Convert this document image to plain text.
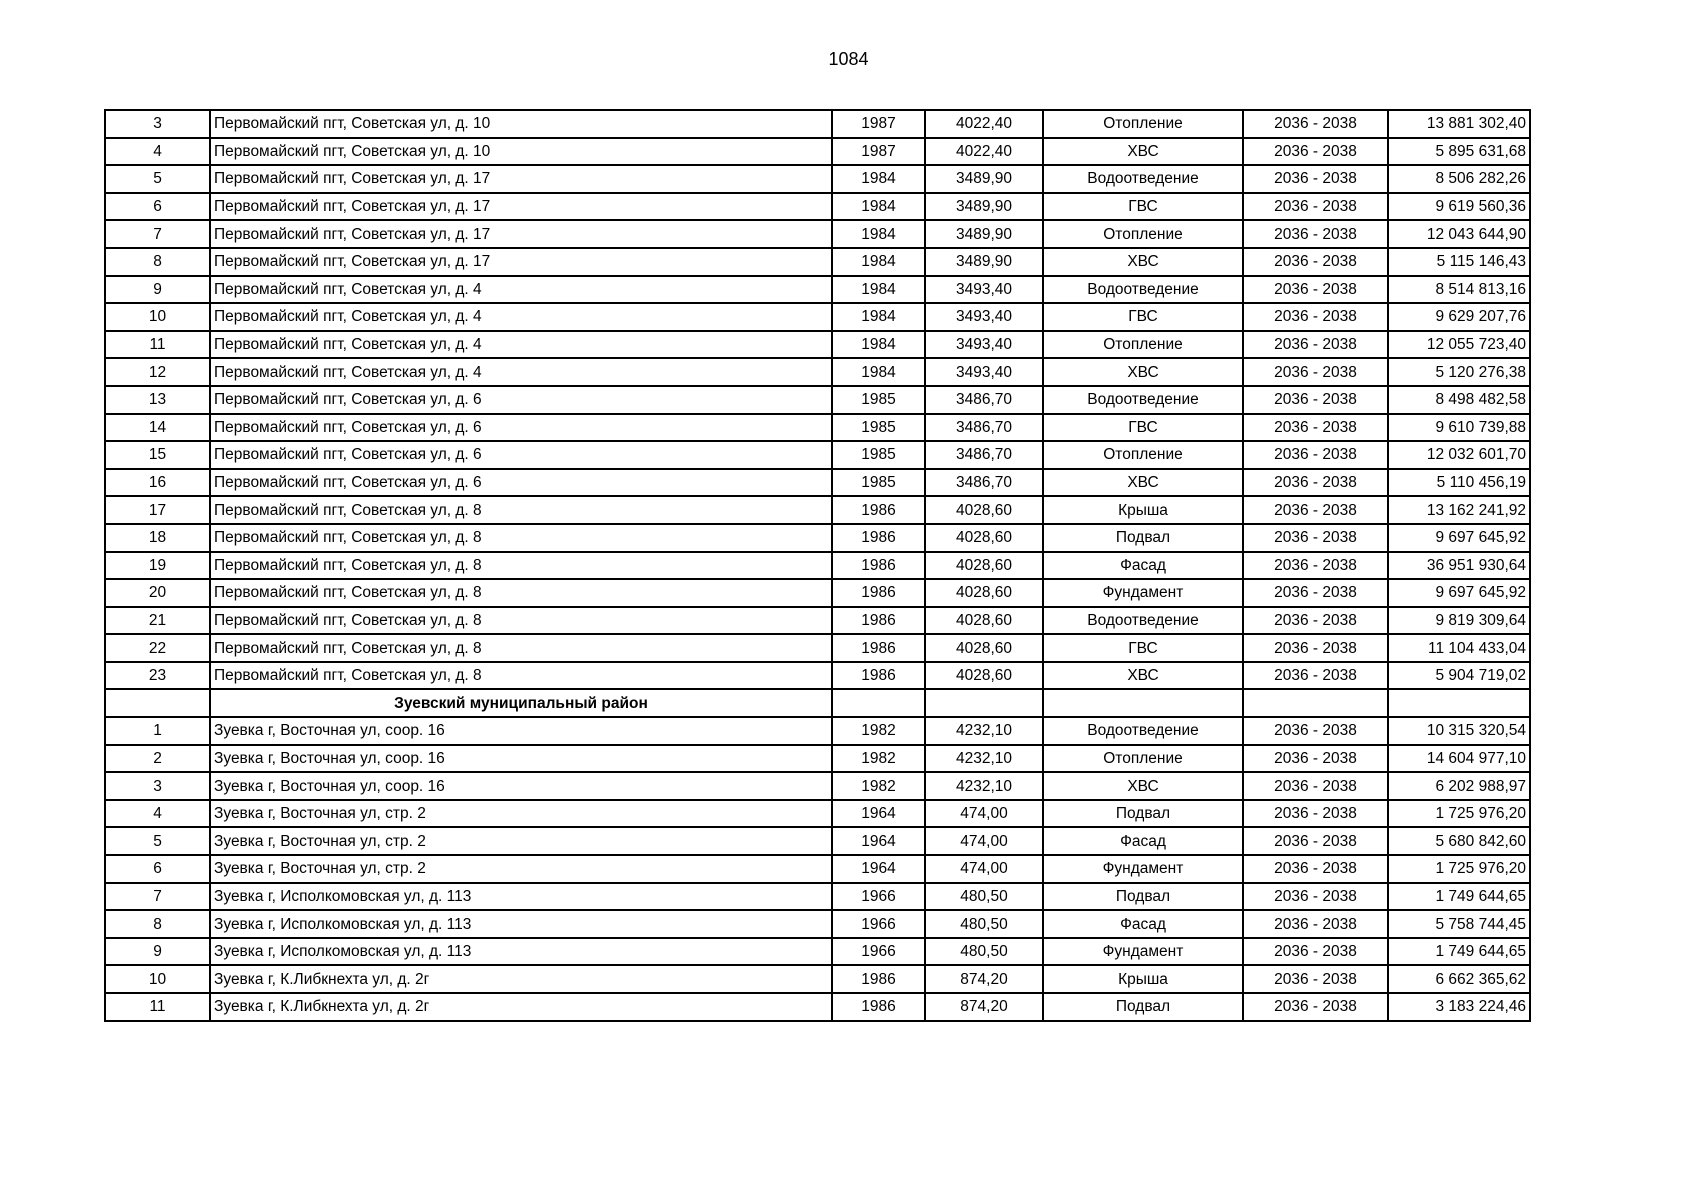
1084
3	Первомайский пгт, Советская ул, д. 10	1987	4022,40	Отопление	2036 - 2038	13 881 302,40
4	Первомайский пгт, Советская ул, д. 10	1987	4022,40	ХВС	2036 - 2038	5 895 631,68
5	Первомайский пгт, Советская ул, д. 17	1984	3489,90	Водоотведение	2036 - 2038	8 506 282,26
6	Первомайский пгт, Советская ул, д. 17	1984	3489,90	ГВС	2036 - 2038	9 619 560,36
7	Первомайский пгт, Советская ул, д. 17	1984	3489,90	Отопление	2036 - 2038	12 043 644,90
8	Первомайский пгт, Советская ул, д. 17	1984	3489,90	ХВС	2036 - 2038	5 115 146,43
9	Первомайский пгт, Советская ул, д. 4	1984	3493,40	Водоотведение	2036 - 2038	8 514 813,16
10	Первомайский пгт, Советская ул, д. 4	1984	3493,40	ГВС	2036 - 2038	9 629 207,76
11	Первомайский пгт, Советская ул, д. 4	1984	3493,40	Отопление	2036 - 2038	12 055 723,40
12	Первомайский пгт, Советская ул, д. 4	1984	3493,40	ХВС	2036 - 2038	5 120 276,38
13	Первомайский пгт, Советская ул, д. 6	1985	3486,70	Водоотведение	2036 - 2038	8 498 482,58
14	Первомайский пгт, Советская ул, д. 6	1985	3486,70	ГВС	2036 - 2038	9 610 739,88
15	Первомайский пгт, Советская ул, д. 6	1985	3486,70	Отопление	2036 - 2038	12 032 601,70
16	Первомайский пгт, Советская ул, д. 6	1985	3486,70	ХВС	2036 - 2038	5 110 456,19
17	Первомайский пгт, Советская ул, д. 8	1986	4028,60	Крыша	2036 - 2038	13 162 241,92
18	Первомайский пгт, Советская ул, д. 8	1986	4028,60	Подвал	2036 - 2038	9 697 645,92
19	Первомайский пгт, Советская ул, д. 8	1986	4028,60	Фасад	2036 - 2038	36 951 930,64
20	Первомайский пгт, Советская ул, д. 8	1986	4028,60	Фундамент	2036 - 2038	9 697 645,92
21	Первомайский пгт, Советская ул, д. 8	1986	4028,60	Водоотведение	2036 - 2038	9 819 309,64
22	Первомайский пгт, Советская ул, д. 8	1986	4028,60	ГВС	2036 - 2038	11 104 433,04
23	Первомайский пгт, Советская ул, д. 8	1986	4028,60	ХВС	2036 - 2038	5 904 719,02
	Зуевский муниципальный район					
1	Зуевка г, Восточная ул, соор. 16	1982	4232,10	Водоотведение	2036 - 2038	10 315 320,54
2	Зуевка г, Восточная ул, соор. 16	1982	4232,10	Отопление	2036 - 2038	14 604 977,10
3	Зуевка г, Восточная ул, соор. 16	1982	4232,10	ХВС	2036 - 2038	6 202 988,97
4	Зуевка г, Восточная ул, стр. 2	1964	474,00	Подвал	2036 - 2038	1 725 976,20
5	Зуевка г, Восточная ул, стр. 2	1964	474,00	Фасад	2036 - 2038	5 680 842,60
6	Зуевка г, Восточная ул, стр. 2	1964	474,00	Фундамент	2036 - 2038	1 725 976,20
7	Зуевка г, Исполкомовская ул, д. 113	1966	480,50	Подвал	2036 - 2038	1 749 644,65
8	Зуевка г, Исполкомовская ул, д. 113	1966	480,50	Фасад	2036 - 2038	5 758 744,45
9	Зуевка г, Исполкомовская ул, д. 113	1966	480,50	Фундамент	2036 - 2038	1 749 644,65
10	Зуевка г, К.Либкнехта ул, д. 2г	1986	874,20	Крыша	2036 - 2038	6 662 365,62
11	Зуевка г, К.Либкнехта ул, д. 2г	1986	874,20	Подвал	2036 - 2038	3 183 224,46
